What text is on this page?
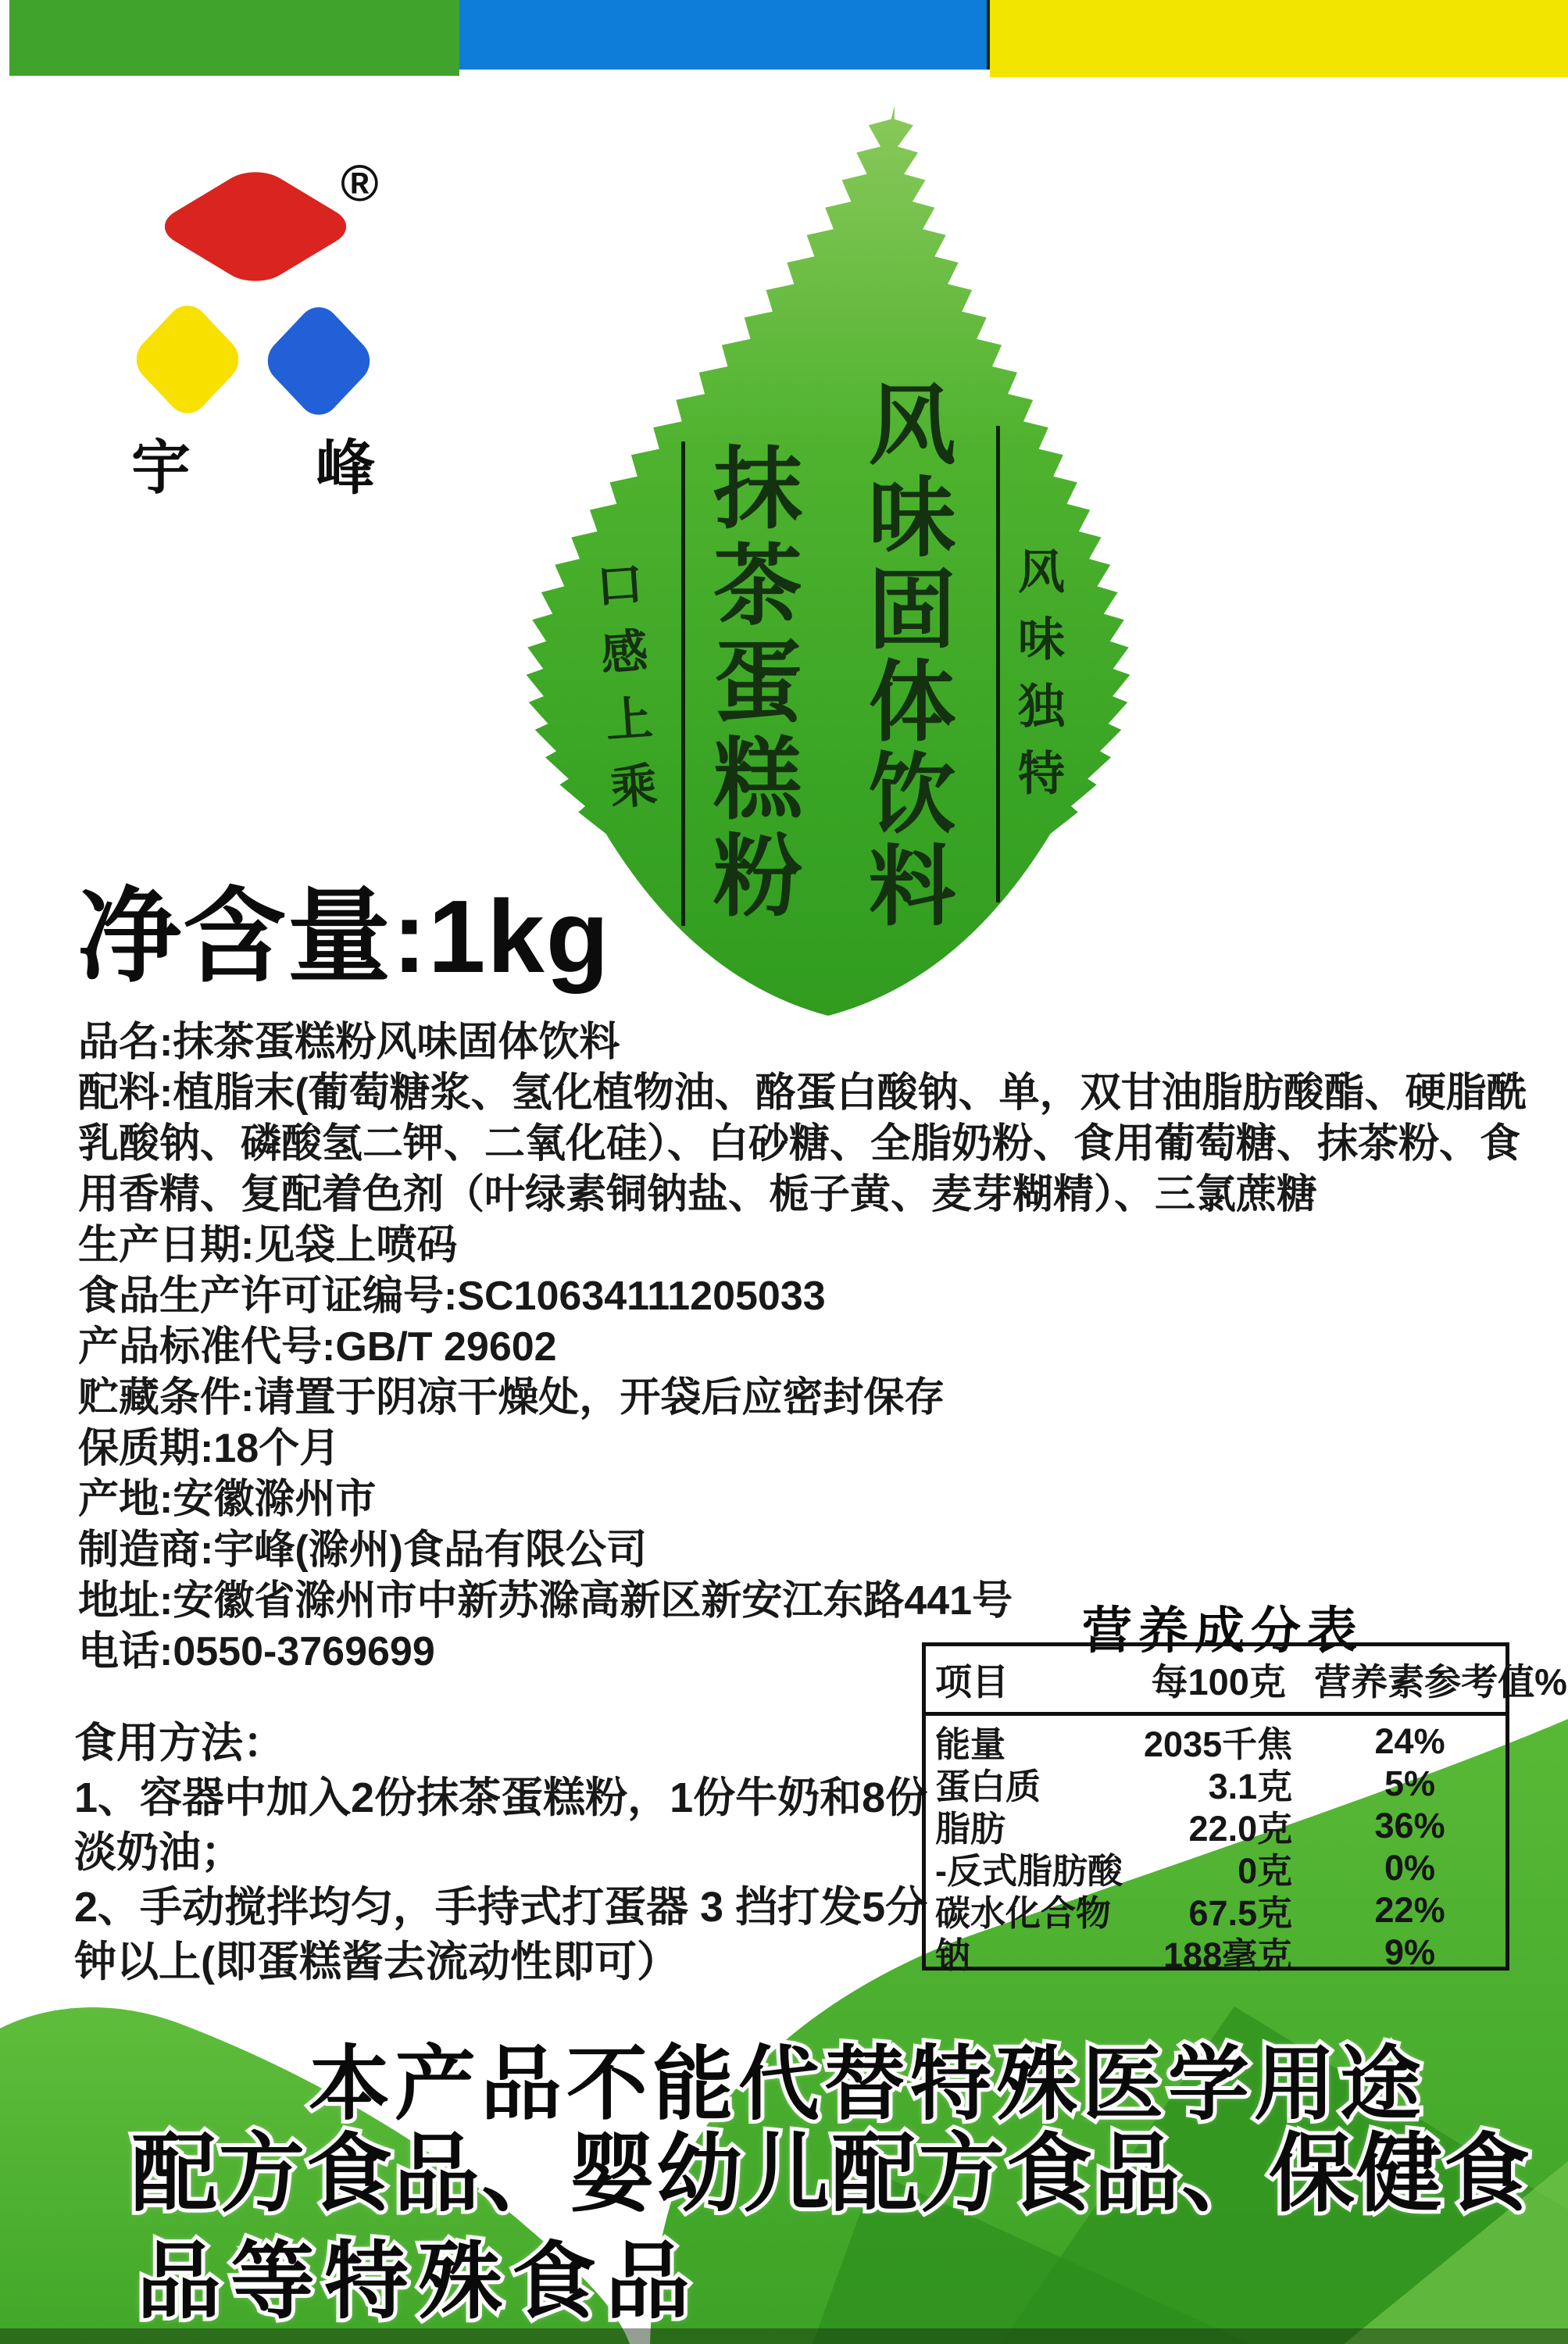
®
宇 峰
口感上乘 抹茶蛋糕粉 风味固体饮料 风味独特
净含量:1kg
品名:抹茶蛋糕粉风味固体饮料
配料:植脂末(葡萄糖浆、氢化植物油、酪蛋白酸钠、单，双甘油脂肪酸酯、硬脂酰
乳酸钠、磷酸氢二钾、二氧化硅）、白砂糖、全脂奶粉、食用葡萄糖、抹茶粉、食
用香精、复配着色剂（叶绿素铜钠盐、栀子黄、麦芽糊精）、三氯蔗糖
生产日期:见袋上喷码
食品生产许可证编号:SC10634111205033
产品标准代号:GB/T 29602
贮藏条件:请置于阴凉干燥处，开袋后应密封保存
保质期:18个月
产地:安徽滁州市
制造商:宇峰(滁州)食品有限公司
地址:安徽省滁州市中新苏滁高新区新安江东路441号
电话:0550-3769699
食用方法：
1、容器中加入2份抹茶蛋糕粉，1份牛奶和8份
淡奶油；
2、手动搅拌均匀，手持式打蛋器 3 挡打发5分
钟以上(即蛋糕酱去流动性即可）
营养成分表
项目	每100克 营养素参考值%
能量	2035千焦	24%
蛋白质	3.1克	5%
脂肪	22.0克	36%
-反式脂肪酸	0克	0%
碳水化合物	67.5克	22%
钠	188毫克	9%
本产品不能代替特殊医学用途
配方食品、婴幼儿配方食品、保健食
品等特殊食品
